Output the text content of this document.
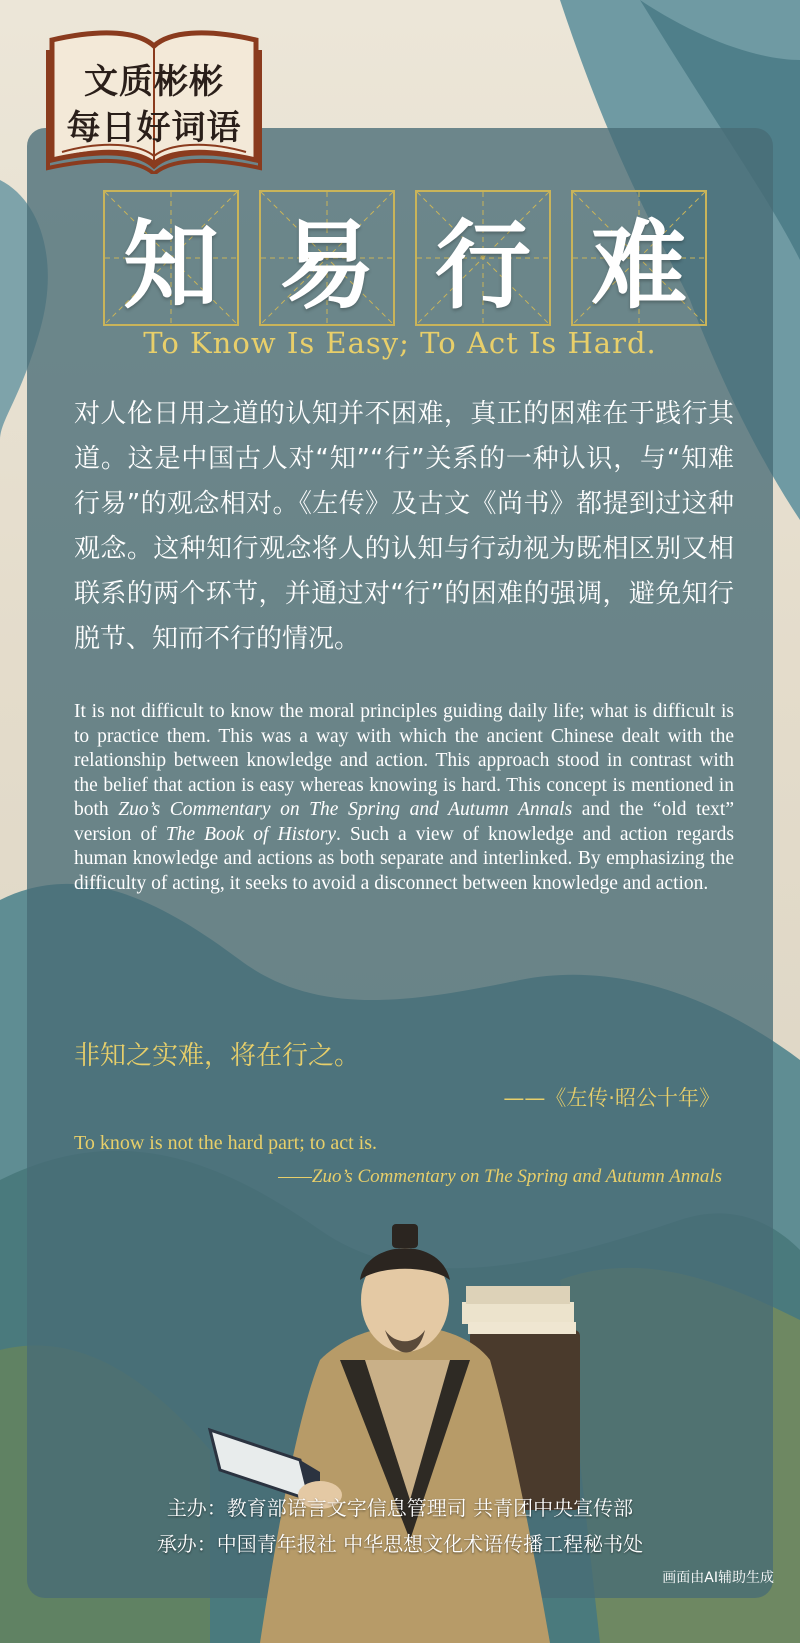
文质彬彬
每日好词语
知 易 行 难
To Know Is Easy; To Act Is Hard.
对人伦日用之道的认知并不困难，真正的困难在于践行其道。这是中国古人对“知”“行”关系的一种认识，与“知难行易”的观念相对。《左传》及古文《尚书》都提到过这种观念。这种知行观念将人的认知与行动视为既相区别又相联系的两个环节，并通过对“行”的困难的强调，避免知行脱节、知而不行的情况。
It is not difficult to know the moral principles guiding daily life; what is difficult is to practice them. This was a way with which the ancient Chinese dealt with the relationship between knowledge and action. This approach stood in contrast with the belief that action is easy whereas knowing is hard. This concept is mentioned in both Zuo’s Commentary on The Spring and Autumn Annals and the “old text” version of The Book of History. Such a view of knowledge and action regards human knowledge and actions as both separate and interlinked. By emphasizing the difficulty of acting, it seeks to avoid a disconnect between knowledge and action.
非知之实难，将在行之。
——《左传·昭公十年》
To know is not the hard part; to act is.
——Zuo’s Commentary on The Spring and Autumn Annals
主办：教育部语言文字信息管理司 共青团中央宣传部
承办：中国青年报社 中华思想文化术语传播工程秘书处
画面由AI辅助生成
